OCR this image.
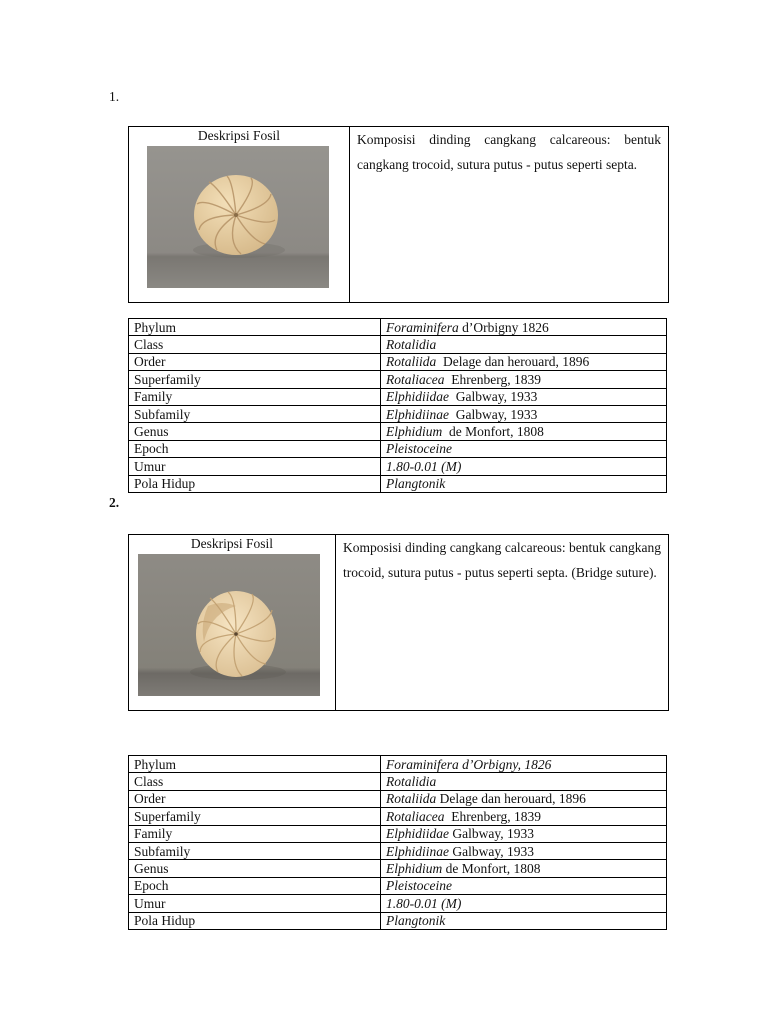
1.
Deskripsi Fosil	Komposisi dinding cangkang calcareous: bentuk cangkang trocoid, sutura putus - putus seperti septa.
Phylum	Foraminifera d’Orbigny 1826
Class	Rotalidia
Order	Rotaliida  Delage dan herouard, 1896
Superfamily	Rotaliacea  Ehrenberg, 1839
Family	Elphidiidae  Galbway, 1933
Subfamily	Elphidiinae  Galbway, 1933
Genus	Elphidium  de Monfort, 1808
Epoch	Pleistoceine
Umur	1.80-0.01 (M)
Pola Hidup	Plangtonik
2.
Deskripsi Fosil	Komposisi dinding cangkang calcareous: bentuk cangkang trocoid, sutura putus - putus seperti septa. (Bridge suture).
Phylum	Foraminifera d’Orbigny, 1826
Class	Rotalidia
Order	Rotaliida Delage dan herouard, 1896
Superfamily	Rotaliacea  Ehrenberg, 1839
Family	Elphidiidae Galbway, 1933
Subfamily	Elphidiinae Galbway, 1933
Genus	Elphidium de Monfort, 1808
Epoch	Pleistoceine
Umur	1.80-0.01 (M)
Pola Hidup	Plangtonik
